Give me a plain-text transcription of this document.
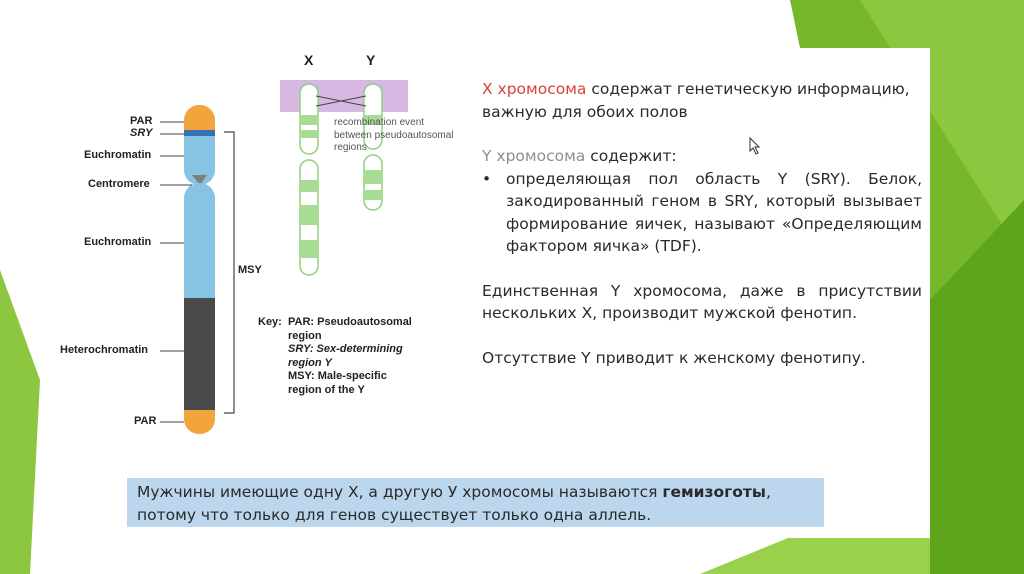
PAR
SRY
Euchromatin
Centromere
Euchromatin
Heterochromatin
PAR
MSY
X	Y
recombination event
between pseudoautosomal
regions
Key: PAR: Pseudoautosomal
region
SRY: Sex-determining
region Y
MSY: Male-specific
region of the Y

X хромосома содержат генетическую информацию, важную для обоих полов

Y хромосома содержит:

• определяющая пол область Y (SRY). Белок, закодированный геном в SRY, который вызывает формирование яичек, называют «Определяющим фактором яичка» (TDF).

Единственная Y хромосома, даже в присутствии нескольких X, производит мужской фенотип.

Отсутствие Y приводит к женскому фенотипу.

Мужчины имеющие одну X, а другую У хромосомы называются гемизоготы, потому что только для генов существует только одна аллель.
